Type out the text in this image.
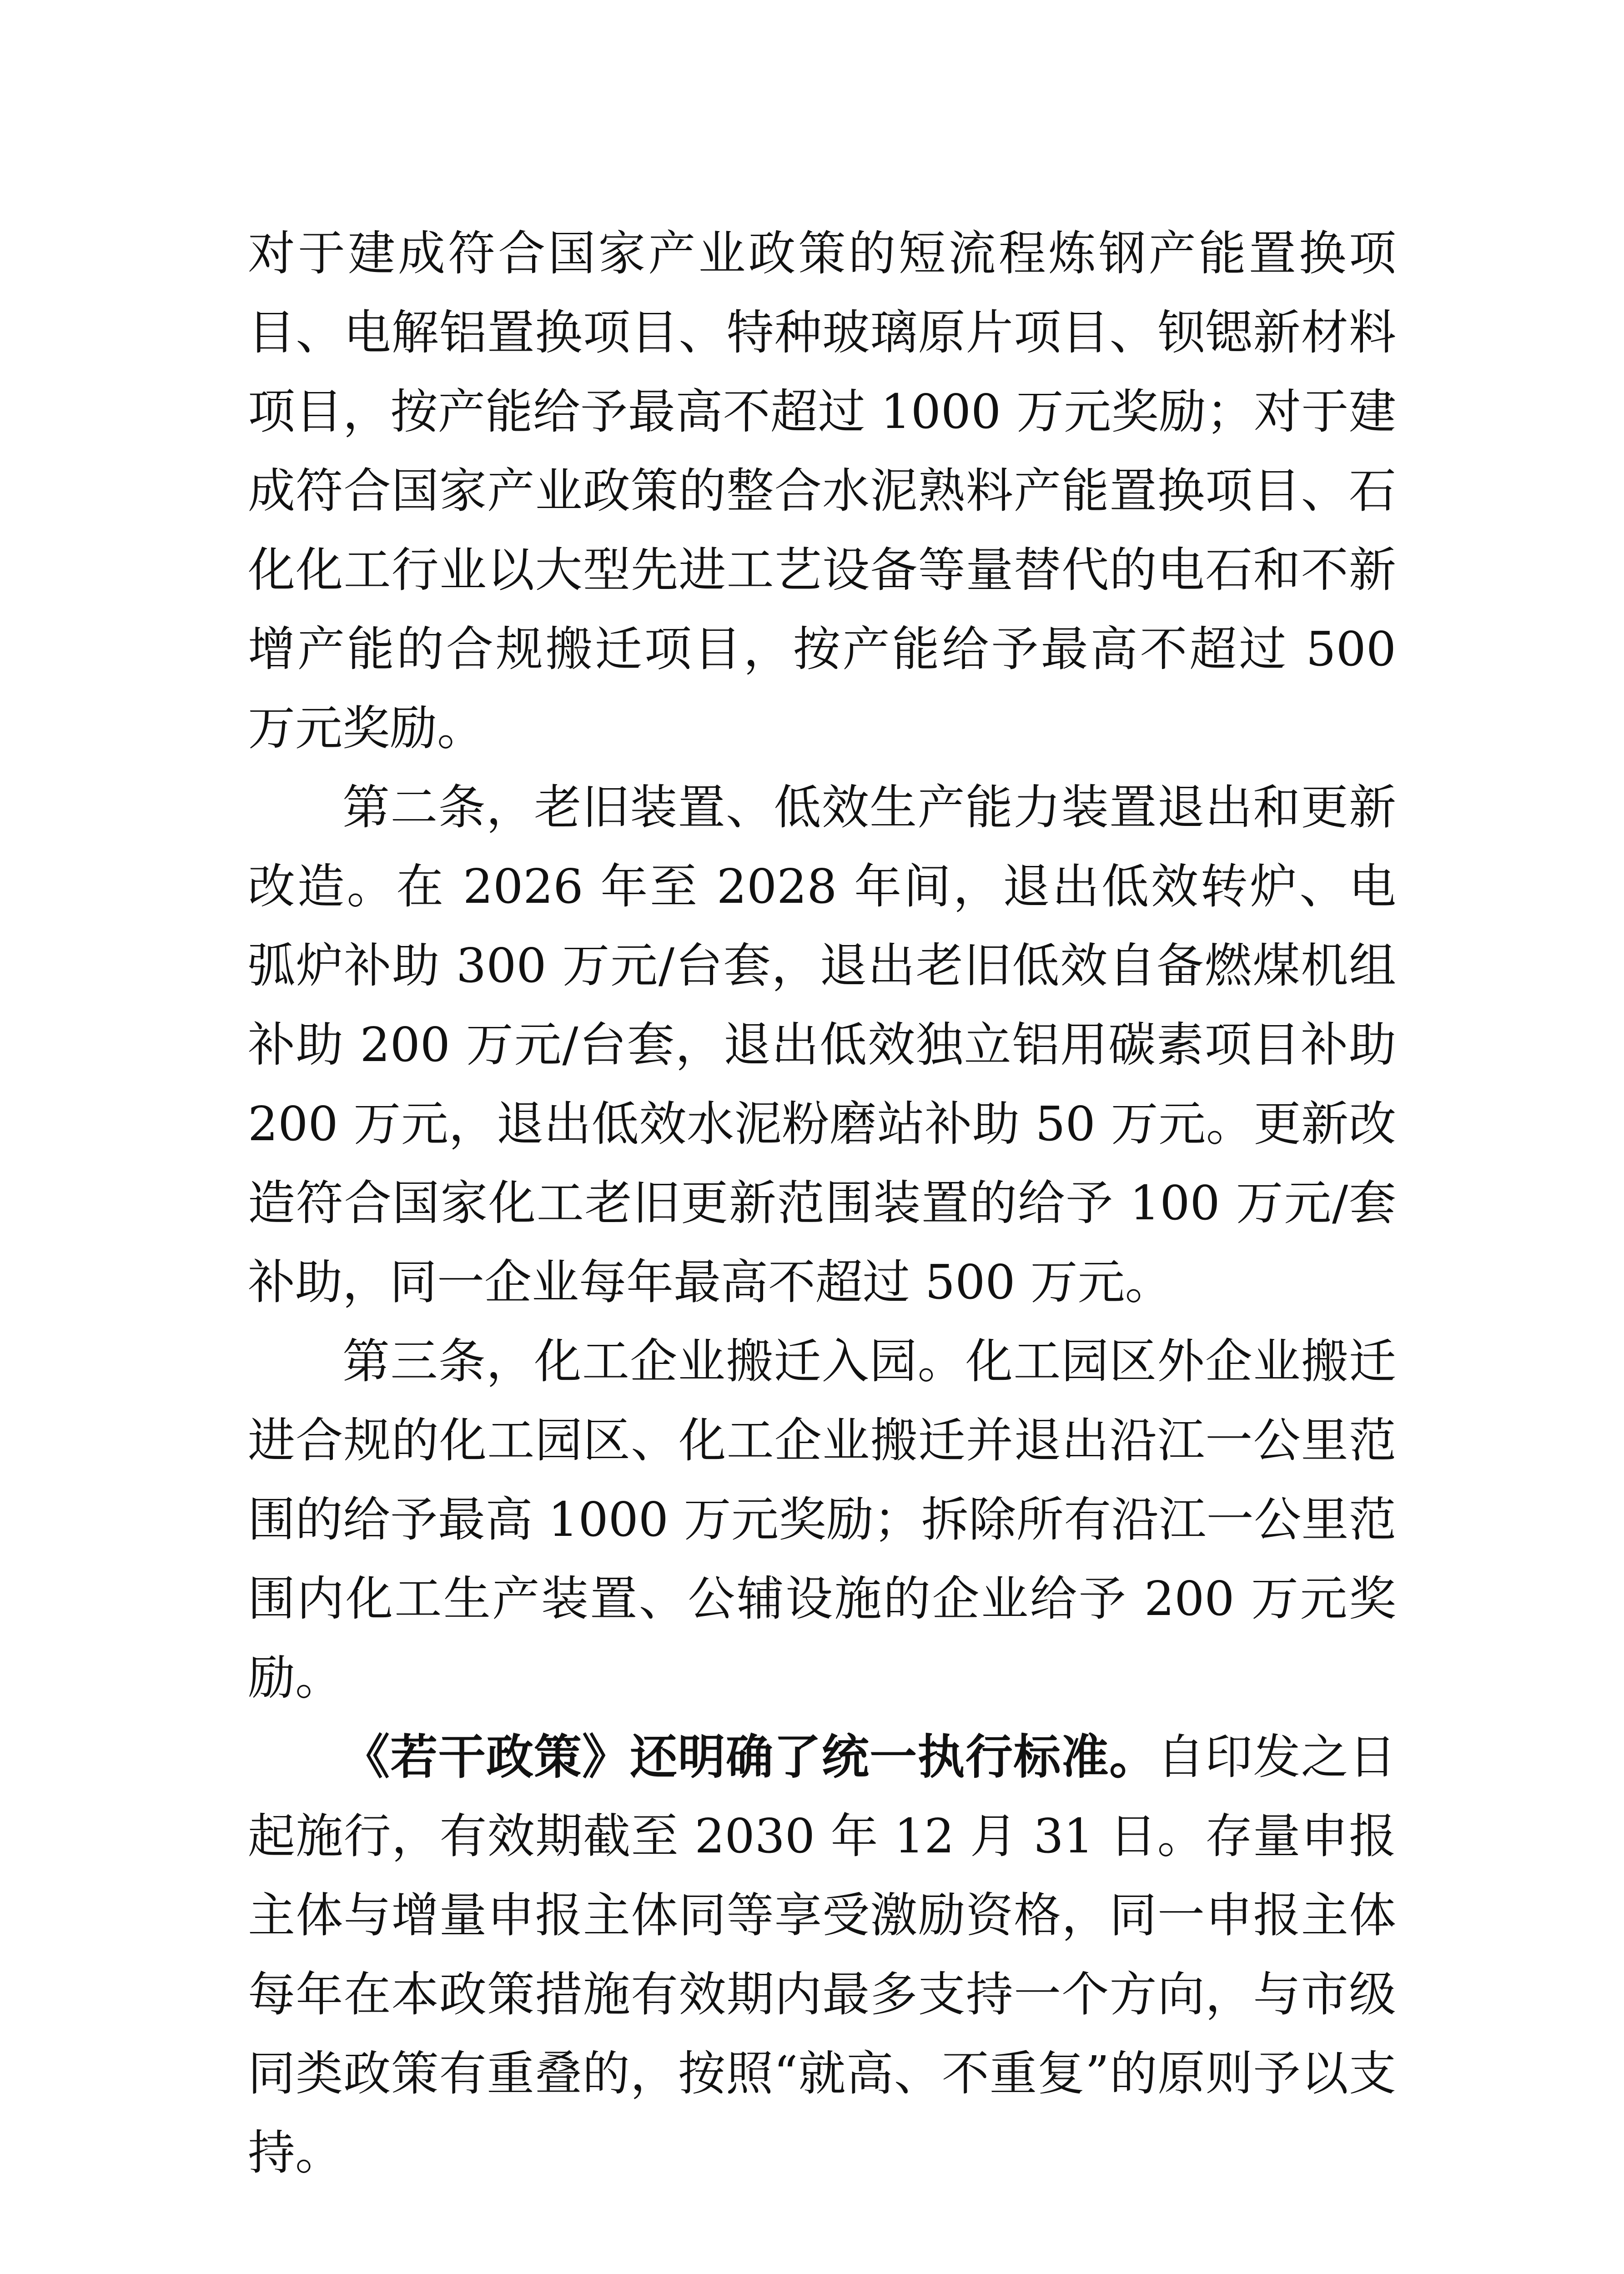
对于建成符合国家产业政策的短流程炼钢产能置换项目、电解铝置换项目、特种玻璃原片项目、钡锶新材料项目，按产能给予最高不超过 1000 万元奖励；对于建成符合国家产业政策的整合水泥熟料产能置换项目、石化化工行业以大型先进工艺设备等量替代的电石和不新增产能的合规搬迁项目，按产能给予最高不超过 500 万元奖励。

第二条，老旧装置、低效生产能力装置退出和更新改造。在 2026 年至 2028 年间，退出低效转炉、电弧炉补助 300 万元/台套，退出老旧低效自备燃煤机组补助 200 万元/台套，退出低效独立铝用碳素项目补助 200 万元，退出低效水泥粉磨站补助 50 万元。更新改造符合国家化工老旧更新范围装置的给予 100 万元/套补助，同一企业每年最高不超过 500 万元。

第三条，化工企业搬迁入园。化工园区外企业搬迁进合规的化工园区、化工企业搬迁并退出沿江一公里范围的给予最高 1000 万元奖励；拆除所有沿江一公里范围内化工生产装置、公辅设施的企业给予 200 万元奖励。

《若干政策》还明确了统一执行标准。自印发之日起施行，有效期截至 2030 年 12 月 31 日。存量申报主体与增量申报主体同等享受激励资格，同一申报主体每年在本政策措施有效期内最多支持一个方向，与市级同类政策有重叠的，按照“就高、不重复”的原则予以支持。
